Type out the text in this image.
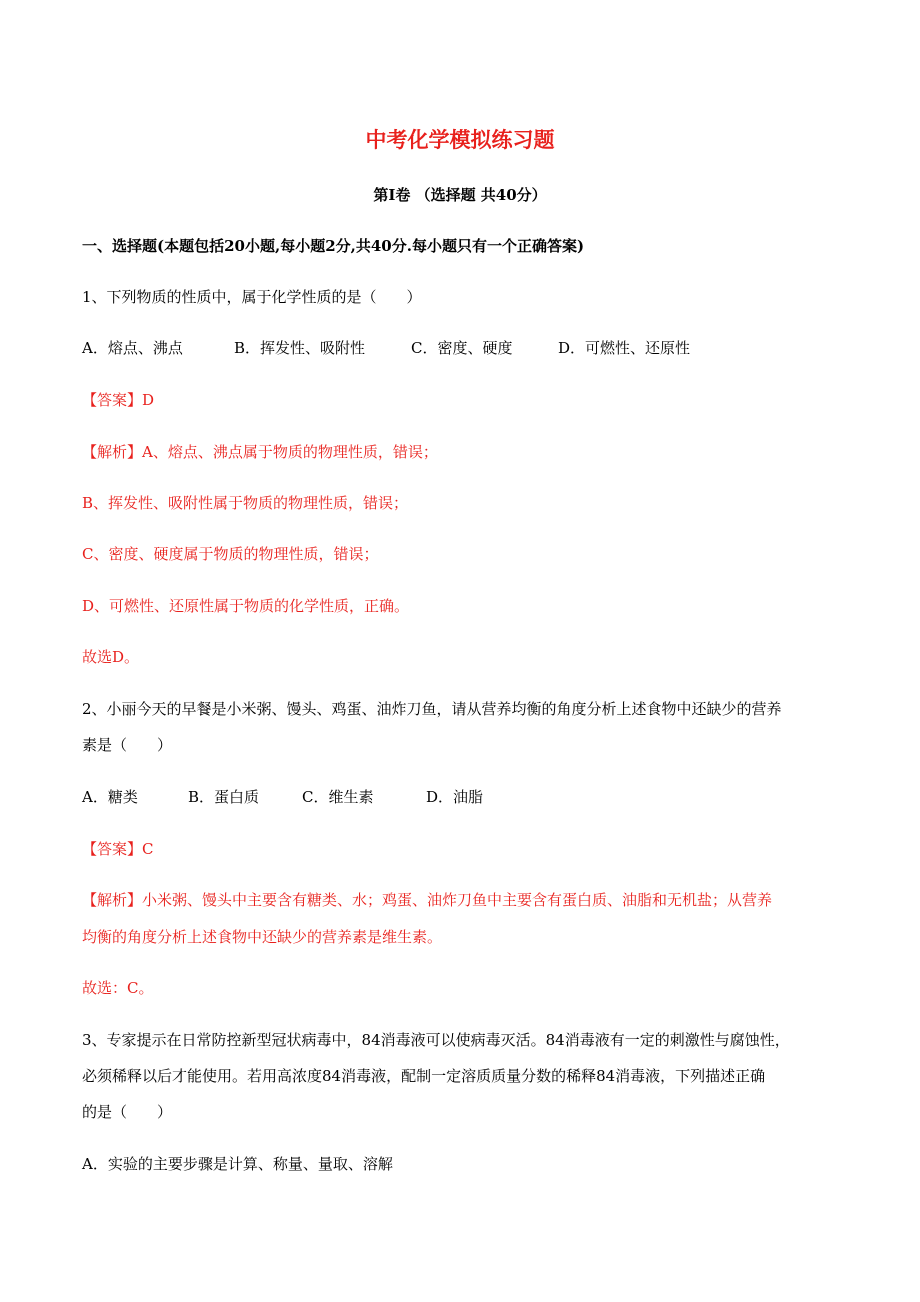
中考化学模拟练习题
第Ⅰ卷 （选择题 共40分）
一、选择题(本题包括20小题,每小题2分,共40分.每小题只有一个正确答案)
1、下列物质的性质中，属于化学性质的是（　　）
A．熔点、沸点	B．挥发性、吸附性	C．密度、硬度	D．可燃性、还原性
【答案】D
【解析】A、熔点、沸点属于物质的物理性质，错误；
B、挥发性、吸附性属于物质的物理性质，错误；
C、密度、硬度属于物质的物理性质，错误；
D、可燃性、还原性属于物质的化学性质，正确。
故选D。
2、小丽今天的早餐是小米粥、馒头、鸡蛋、油炸刀鱼，请从营养均衡的角度分析上述食物中还缺少的营养
素是（　　）
A．糖类	B．蛋白质	C．维生素	D．油脂
【答案】C
【解析】小米粥、馒头中主要含有糖类、水；鸡蛋、油炸刀鱼中主要含有蛋白质、油脂和无机盐；从营养
均衡的角度分析上述食物中还缺少的营养素是维生素。
故选：C。
3、专家提示在日常防控新型冠状病毒中，84消毒液可以使病毒灭活。84消毒液有一定的刺激性与腐蚀性，
必须稀释以后才能使用。若用高浓度84消毒液，配制一定溶质质量分数的稀释84消毒液，下列描述正确
的是（　　）
A．实验的主要步骤是计算、称量、量取、溶解
